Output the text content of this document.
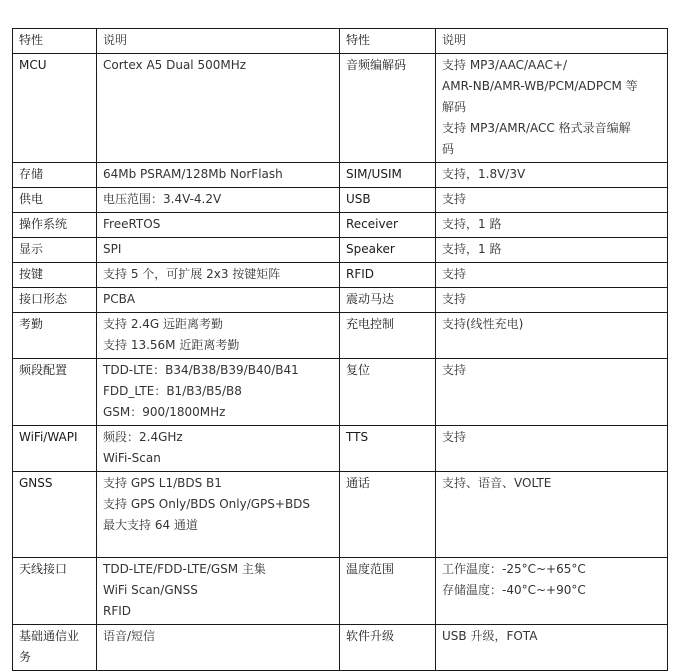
特性	说明	特性	说明
MCU	Cortex A5 Dual 500MHz	音频编解码	支持 MP3/AAC/AAC+/
AMR-NB/AMR-WB/PCM/ADPCM 等
解码
支持 MP3/AMR/ACC 格式录音编解
码

存储	64Mb PSRAM/128Mb NorFlash	SIM/USIM	支持，1.8V/3V

供电	电压范围：3.4V-4.2V	USB	支持

操作系统	FreeRTOS	Receiver	支持，1 路

显示	SPI	Speaker	支持，1 路

按键	支持 5 个，可扩展 2x3 按键矩阵	RFID	支持

接口形态	PCBA	震动马达	支持

考勤	支持 2.4G 远距离考勤
支持 13.56M 近距离考勤	充电控制	支持(线性充电)

频段配置	TDD-LTE：B34/B38/B39/B40/B41
FDD_LTE：B1/B3/B5/B8
GSM：900/1800MHz	复位	支持

WiFi/WAPI	频段：2.4GHz
WiFi-Scan	TTS	支持

GNSS	支持 GPS L1/BDS B1
支持 GPS Only/BDS Only/GPS+BDS
最大支持 64 通道	通话	支持、语音、VOLTE

天线接口	TDD-LTE/FDD-LTE/GSM 主集
WiFi Scan/GNSS
RFID	温度范围	工作温度：-25°C~+65°C
存储温度：-40°C~+90°C

基础通信业务	语音/短信	软件升级	USB 升级，FOTA
